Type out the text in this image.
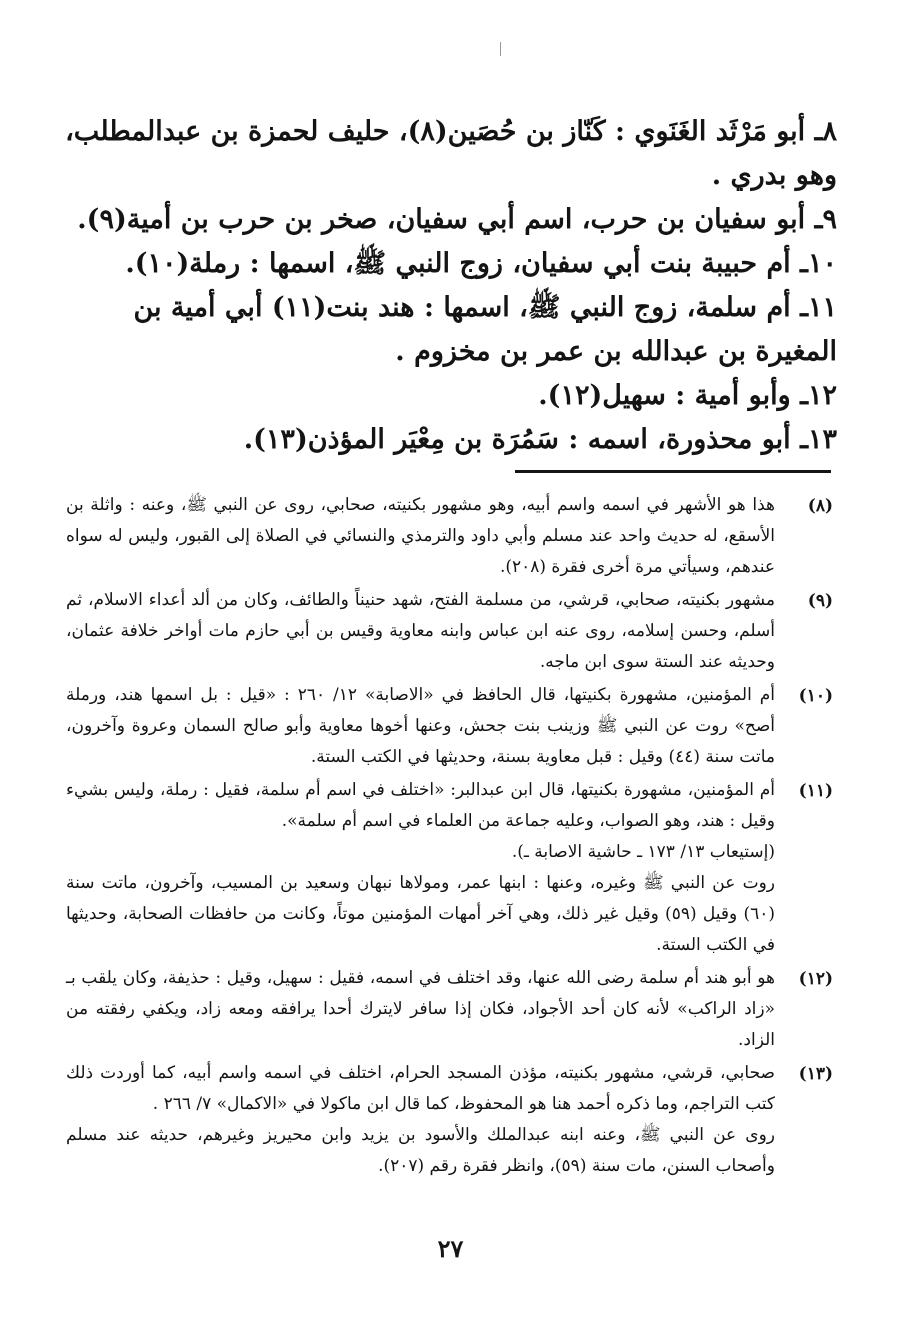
٨ـ أبو مَرْثَد الغَنَوي : كَنّاز بن حُصَين(٨)، حليف لحمزة بن عبدالمطلب، وهو بدري .

٩ـ أبو سفيان بن حرب، اسم أبي سفيان، صخر بن حرب بن أمية(٩).

١٠ـ أم حبيبة بنت أبي سفيان، زوج النبي ﷺ، اسمها : رملة(١٠).

١١ـ أم سلمة، زوج النبي ﷺ، اسمها : هند بنت(١١) أبي أمية بن المغيرة بن عبدالله بن عمر بن مخزوم .

١٢ـ وأبو أمية : سهيل(١٢).

١٣ـ أبو محذورة، اسمه : سَمُرَة بن مِعْيَر المؤذن(١٣).

(٨)

هذا هو الأشهر في اسمه واسم أبيه، وهو مشهور بكنيته، صحابي، روى عن النبي ﷺ، وعنه : واثلة بن الأسقع، له حديث واحد عند مسلم وأبي داود والترمذي والنسائي في الصلاة إلى القبور، وليس له سواه عندهم، وسيأتي مرة أخرى فقرة (٢٠٨).

(٩)

مشهور بكنيته، صحابي، قرشي، من مسلمة الفتح، شهد حنيناً والطائف، وكان من ألد أعداء الاسلام، ثم أسلم، وحسن إسلامه، روى عنه ابن عباس وابنه معاوية وقيس بن أبي حازم مات أواخر خلافة عثمان، وحديثه عند الستة سوى ابن ماجه.

(١٠)

أم المؤمنين، مشهورة بكنيتها، قال الحافظ في «الاصابة» ١٢/ ٢٦٠ : «قيل : بل اسمها هند، ورملة أصح» روت عن النبي ﷺ وزينب بنت جحش، وعنها أخوها معاوية وأبو صالح السمان وعروة وآخرون، ماتت سنة (٤٤) وقيل : قبل معاوية بسنة، وحديثها في الكتب الستة.

(١١)

أم المؤمنين، مشهورة بكنيتها، قال ابن عبدالبر: «اختلف في اسم أم سلمة، فقيل : رملة، وليس بشيء وقيل : هند، وهو الصواب، وعليه جماعة من العلماء في اسم أم سلمة».

(إستيعاب ١٣/ ١٧٣ ـ حاشية الاصابة ـ).

روت عن النبي ﷺ وغيره، وعنها : ابنها عمر، ومولاها نبهان وسعيد بن المسيب، وآخرون، ماتت سنة (٦٠) وقيل (٥٩) وقيل غير ذلك، وهي آخر أمهات المؤمنين موتاً، وكانت من حافظات الصحابة، وحديثها في الكتب الستة.

(١٢)

هو أبو هند أم سلمة رضى الله عنها، وقد اختلف في اسمه، فقيل : سهيل، وقيل : حذيفة، وكان يلقب بـ «زاد الراكب» لأنه كان أحد الأجواد، فكان إذا سافر لايترك أحدا يرافقه ومعه زاد، ويكفي رفقته من الزاد.

(١٣)

صحابي، قرشي، مشهور بكنيته، مؤذن المسجد الحرام، اختلف في اسمه واسم أبيه، كما أوردت ذلك كتب التراجم، وما ذكره أحمد هنا هو المحفوظ، كما قال ابن ماكولا في «الاكمال» ٧/ ٢٦٦ .

روى عن النبي ﷺ، وعنه ابنه عبدالملك والأسود بن يزيد وابن محيريز وغيرهم، حديثه عند مسلم وأصحاب السنن، مات سنة (٥٩)، وانظر فقرة رقم (٢٠٧).

٢٧
